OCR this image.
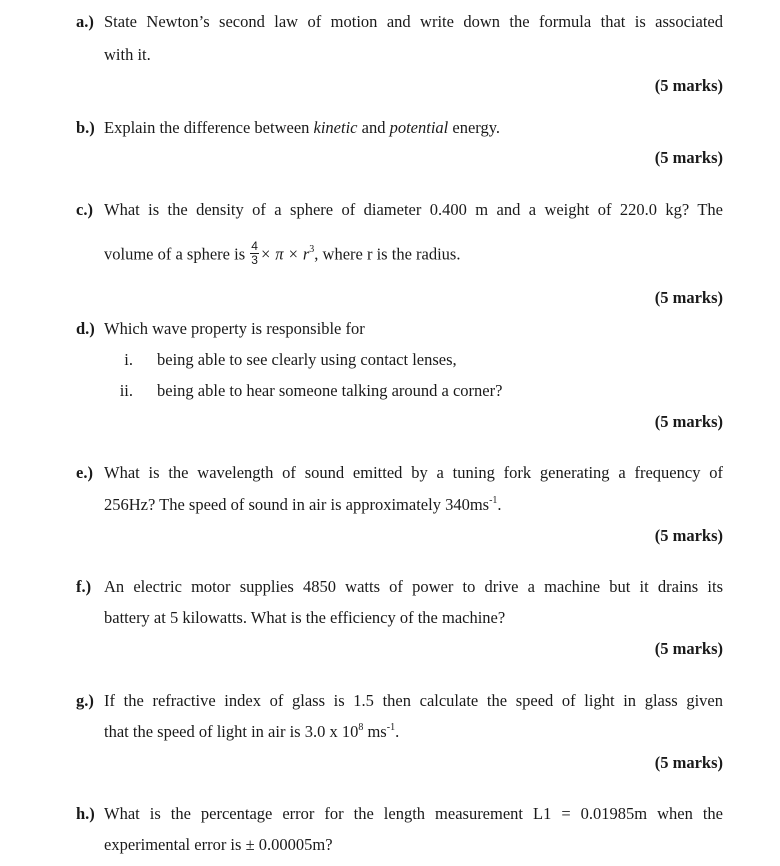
a.) State Newton’s second law of motion and write down the formula that is associated
with it.
(5 marks)
b.) Explain the difference between kinetic and potential energy.
(5 marks)
c.) What is the density of a sphere of diameter 0.400 m and a weight of 220.0 kg? The
volume of a sphere is $\frac{4}{3} \times \pi \times r^3$, where r is the radius.
(5 marks)
d.) Which wave property is responsible for
i. being able to see clearly using contact lenses,
ii. being able to hear someone talking around a corner?
(5 marks)
e.) What is the wavelength of sound emitted by a tuning fork generating a frequency of
256Hz? The speed of sound in air is approximately $340ms^{-1}$.
(5 marks)
f.) An electric motor supplies 4850 watts of power to drive a machine but it drains its
battery at 5 kilowatts. What is the efficiency of the machine?
(5 marks)
g.) If the refractive index of glass is 1.5 then calculate the speed of light in glass given
that the speed of light in air is 3.0 x $10^8$ $ms^{-1}$.
(5 marks)
h.) What is the percentage error for the length measurement L1 = 0.01985m when the
experimental error is ± 0.00005m?
